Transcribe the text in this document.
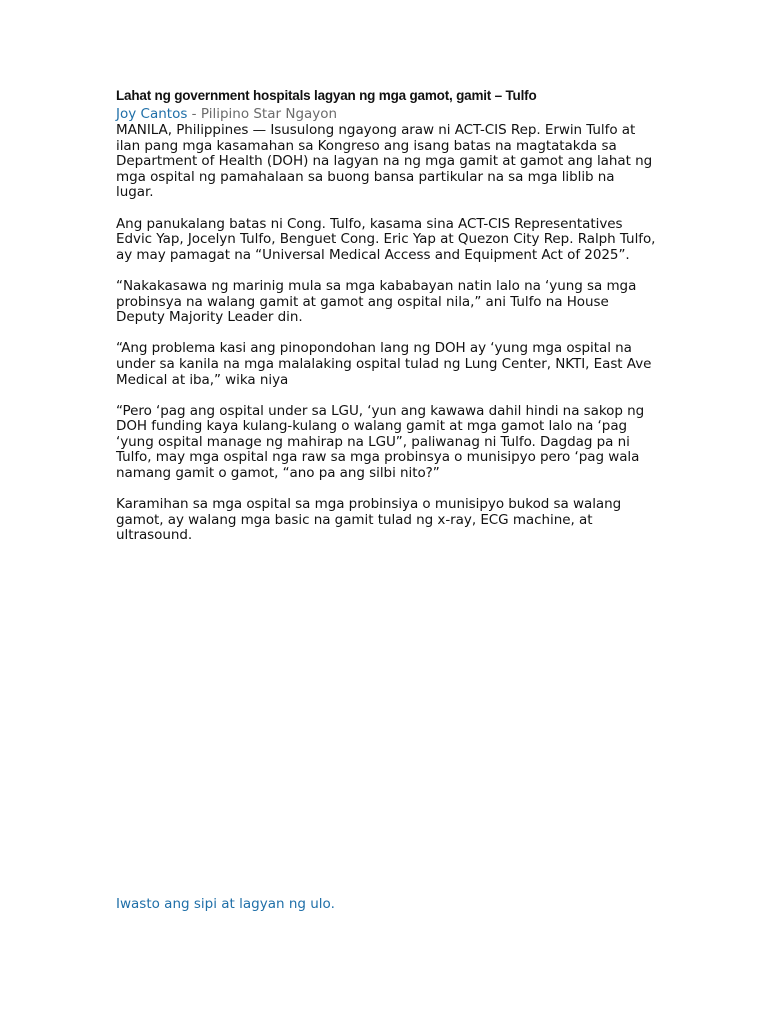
Lahat ng government hospitals lagyan ng mga gamot, gamit – Tulfo
Joy Cantos - Pilipino Star Ngayon

MANILA, Philippines — Isusulong ngayong araw ni ACT-CIS Rep. Erwin Tulfo at ilan pang mga kasamahan sa Kongreso ang isang batas na magtatakda sa Department of Health (DOH) na lagyan na ng mga gamit at gamot ang lahat ng mga ospital ng pamahalaan sa buong bansa partikular na sa mga liblib na lugar.

Ang panukalang batas ni Cong. Tulfo, kasama sina ACT-CIS Representatives Edvic Yap, Jocelyn Tulfo, Benguet Cong. Eric Yap at Quezon City Rep. Ralph Tulfo, ay may pamagat na “Universal Medical Access and Equipment Act of 2025”.

“Nakakasawa ng marinig mula sa mga kababayan natin lalo na ‘yung sa mga probinsya na walang gamit at gamot ang ospital nila,” ani Tulfo na House Deputy Majority Leader din.

“Ang problema kasi ang pinopondohan lang ng DOH ay ‘yung mga ospital na under sa kanila na mga malalaking ospital tulad ng Lung Center, NKTI, East Ave Medical at iba,” wika niya

“Pero ‘pag ang ospital under sa LGU, ‘yun ang kawawa dahil hindi na sakop ng DOH funding kaya kulang-kulang o walang gamit at mga gamot lalo na ‘pag ‘yung ospital manage ng mahirap na LGU”, paliwanag ni Tulfo. Dagdag pa ni Tulfo, may mga ospital nga raw sa mga probinsya o munisipyo pero ‘pag wala namang gamit o gamot, “ano pa ang silbi nito?”

Karamihan sa mga ospital sa mga probinsiya o munisipyo bukod sa walang gamot, ay walang mga basic na gamit tulad ng x-ray, ECG machine, at ultrasound.

Iwasto ang sipi at lagyan ng ulo.
